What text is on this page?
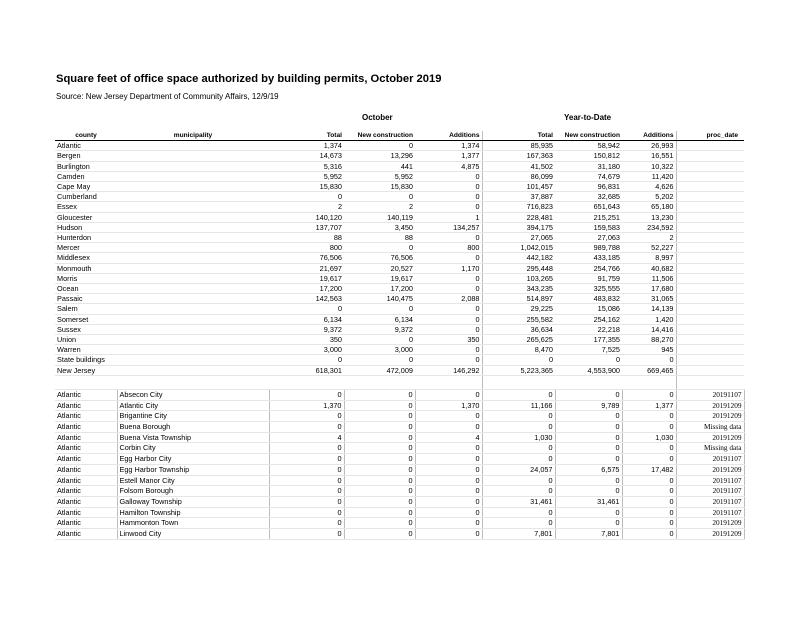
Square feet of office space authorized by building permits, October 2019
Source: New Jersey Department of Community Affairs, 12/9/19
October	Year-to-Date
county	municipality	Total	New construction	Additions	Total	New construction	Additions	proc_date
Atlantic		1,374	0	1,374	85,935	58,942	26,993	
Bergen		14,673	13,296	1,377	167,363	150,812	16,551	
Burlington		5,316	441	4,875	41,502	31,180	10,322	
Camden		5,952	5,952	0	86,099	74,679	11,420	
Cape May		15,830	15,830	0	101,457	96,831	4,626	
Cumberland		0	0	0	37,887	32,685	5,202	
Essex		2	2	0	716,823	651,643	65,180	
Gloucester		140,120	140,119	1	228,481	215,251	13,230	
Hudson		137,707	3,450	134,257	394,175	159,583	234,592	
Hunterdon		88	88	0	27,065	27,063	2	
Mercer		800	0	800	1,042,015	989,788	52,227	
Middlesex		76,506	76,506	0	442,182	433,185	8,997	
Monmouth		21,697	20,527	1,170	295,448	254,766	40,682	
Morris		19,617	19,617	0	103,265	91,759	11,506	
Ocean		17,200	17,200	0	343,235	325,555	17,680	
Passaic		142,563	140,475	2,088	514,897	483,832	31,065	
Salem		0	0	0	29,225	15,086	14,139	
Somerset		6,134	6,134	0	255,582	254,162	1,420	
Sussex		9,372	9,372	0	36,634	22,218	14,416	
Union		350	0	350	265,625	177,355	88,270	
Warren		3,000	3,000	0	8,470	7,525	945	
State buildings		0	0	0	0	0	0	
New Jersey		618,301	472,009	146,292	5,223,365	4,553,900	669,465	

Atlantic	Absecon City	0	0	0	0	0	0	20191107
Atlantic	Atlantic City	1,370	0	1,370	11,166	9,789	1,377	20191209
Atlantic	Brigantine City	0	0	0	0	0	0	20191209
Atlantic	Buena Borough	0	0	0	0	0	0	Missing data
Atlantic	Buena Vista Township	4	0	4	1,030	0	1,030	20191209
Atlantic	Corbin City	0	0	0	0	0	0	Missing data
Atlantic	Egg Harbor City	0	0	0	0	0	0	20191107
Atlantic	Egg Harbor Township	0	0	0	24,057	6,575	17,482	20191209
Atlantic	Estell Manor City	0	0	0	0	0	0	20191107
Atlantic	Folsom Borough	0	0	0	0	0	0	20191107
Atlantic	Galloway Township	0	0	0	31,461	31,461	0	20191107
Atlantic	Hamilton Township	0	0	0	0	0	0	20191107
Atlantic	Hammonton Town	0	0	0	0	0	0	20191209
Atlantic	Linwood City	0	0	0	7,801	7,801	0	20191209
